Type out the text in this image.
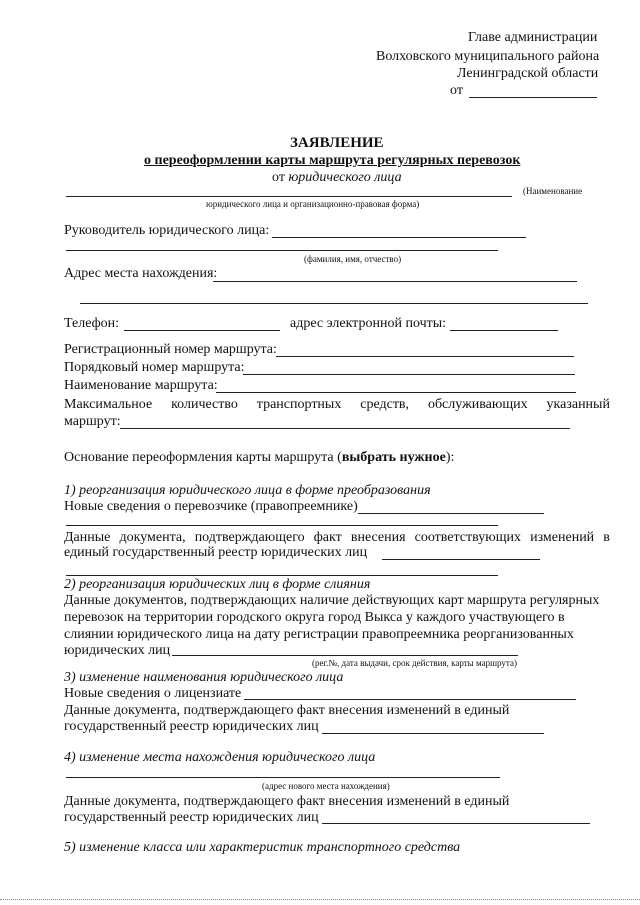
Главе администрации
Волховского муниципального района
Ленинградской области
от
ЗАЯВЛЕНИЕ
о переоформлении карты маршрута регулярных перевозок
от юридического лица
(Наименование
юридического лица и организационно-правовая форма)
Руководитель юридического лица:
(фамилия, имя, отчество)
Адрес места нахождения:
Телефон:	адрес электронной почты:
Регистрационный номер маршрута:
Порядковый номер маршрута:
Наименование маршрута:
Максимальное количество транспортных средств, обслуживающих указанный
маршрут:
Основание переоформления карты маршрута (выбрать нужное):
1) реорганизация юридического лица в форме преобразования
Новые сведения о перевозчике (правопреемнике)
Данные документа, подтверждающего факт внесения соответствующих изменений в
единый государственный реестр юридических лиц
2) реорганизация юридических лиц в форме слияния
Данные документов, подтверждающих наличие действующих карт маршрута регулярных
перевозок на территории городского округа город Выкса у каждого участвующего в
слиянии юридического лица на дату регистрации правопреемника реорганизованных
юридических лиц
(рег.№, дата выдачи, срок действия, карты маршрута)
3) изменение наименования юридического лица
Новые сведения о лицензиате
Данные документа, подтверждающего факт внесения изменений в единый
государственный реестр юридических лиц
4) изменение места нахождения юридического лица
(адрес нового места нахождения)
Данные документа, подтверждающего факт внесения изменений в единый
государственный реестр юридических лиц
5) изменение класса или характеристик транспортного средства
